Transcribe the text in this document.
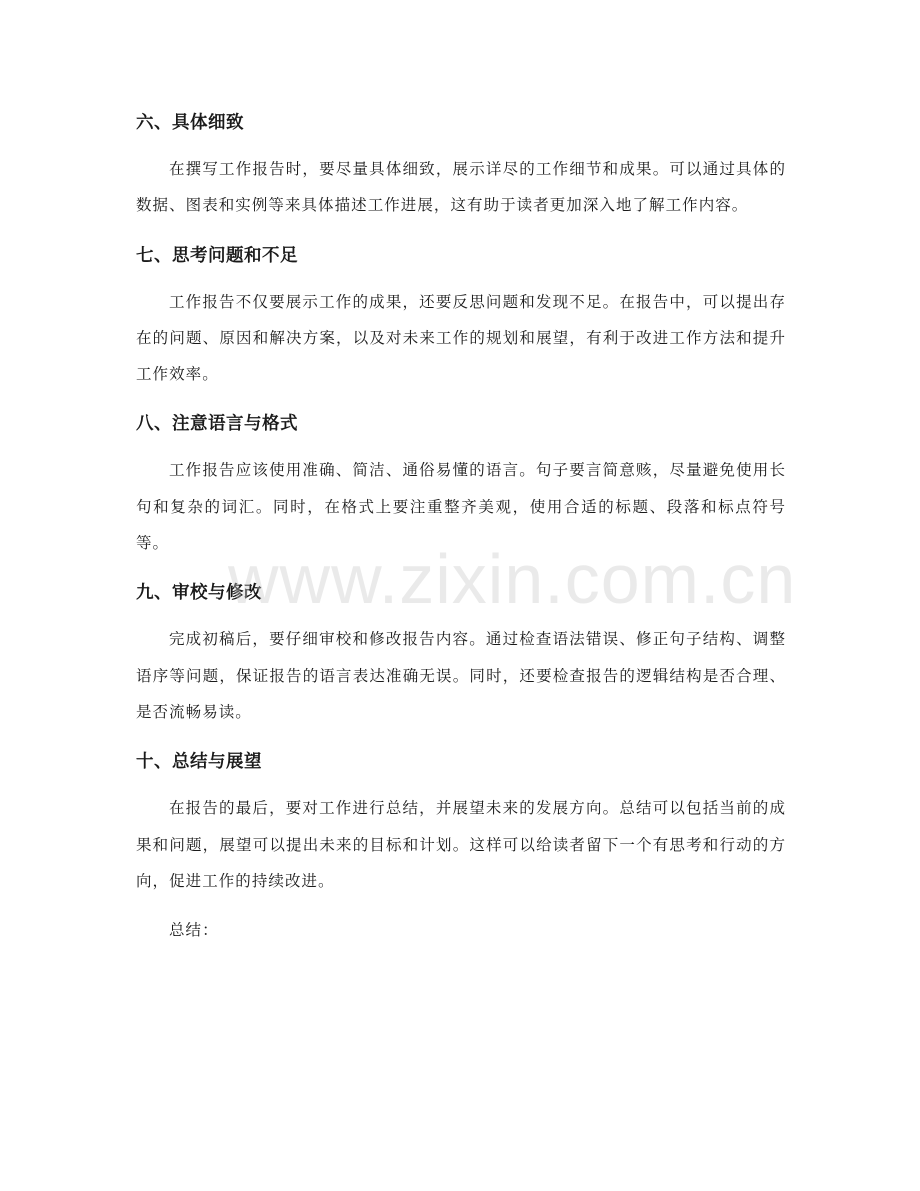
六、具体细致

在撰写工作报告时，要尽量具体细致，展示详尽的工作细节和成果。可以通过具体的数据、图表和实例等来具体描述工作进展，这有助于读者更加深入地了解工作内容。

七、思考问题和不足

工作报告不仅要展示工作的成果，还要反思问题和发现不足。在报告中，可以提出存在的问题、原因和解决方案，以及对未来工作的规划和展望，有利于改进工作方法和提升工作效率。

八、注意语言与格式

工作报告应该使用准确、简洁、通俗易懂的语言。句子要言简意赅，尽量避免使用长句和复杂的词汇。同时，在格式上要注重整齐美观，使用合适的标题、段落和标点符号等。

九、审校与修改

完成初稿后，要仔细审校和修改报告内容。通过检查语法错误、修正句子结构、调整语序等问题，保证报告的语言表达准确无误。同时，还要检查报告的逻辑结构是否合理、是否流畅易读。

十、总结与展望

在报告的最后，要对工作进行总结，并展望未来的发展方向。总结可以包括当前的成果和问题，展望可以提出未来的目标和计划。这样可以给读者留下一个有思考和行动的方向，促进工作的持续改进。

总结：

www.zixin.com.cn
